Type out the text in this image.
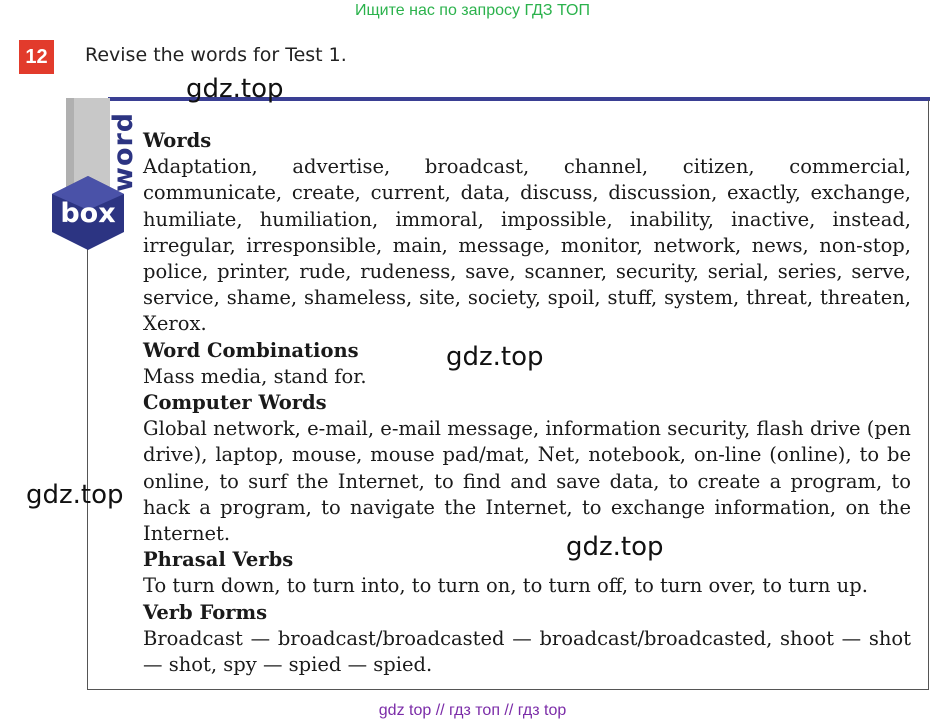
Ищите нас по запросу ГДЗ ТОП
12	Revise the words for Test 1.
word
box

Words

Adaptation, advertise, broadcast, channel, citizen, commercial, communicate, create, current, data, discuss, discussion, exactly, exchange, humiliate, humiliation, immoral, impossible, inability, inactive, instead, irregular, irresponsible, main, message, monitor, network, news, non-stop, police, printer, rude, rudeness, save, scanner, security, serial, series, serve, service, shame, shameless, site, society, spoil, stuff, system, threat, threaten, Xerox.

Word Combinations

Mass media, stand for.

Computer Words

Global network, e-mail, e-mail message, information security, flash drive (pen drive), laptop, mouse, mouse pad/mat, Net, notebook, on-line (online), to be online, to surf the Internet, to find and save data, to create a program, to hack a program, to navigate the Internet, to exchange information, on the Internet.

Phrasal Verbs

To turn down, to turn into, to turn on, to turn off, to turn over, to turn up.

Verb Forms

Broadcast — broadcast/broadcasted — broadcast/broadcasted, shoot — shot — shot, spy — spied — spied.

gdz.top
gdz.top
gdz.top
gdz.top
gdz top // гдз топ // гдз top
